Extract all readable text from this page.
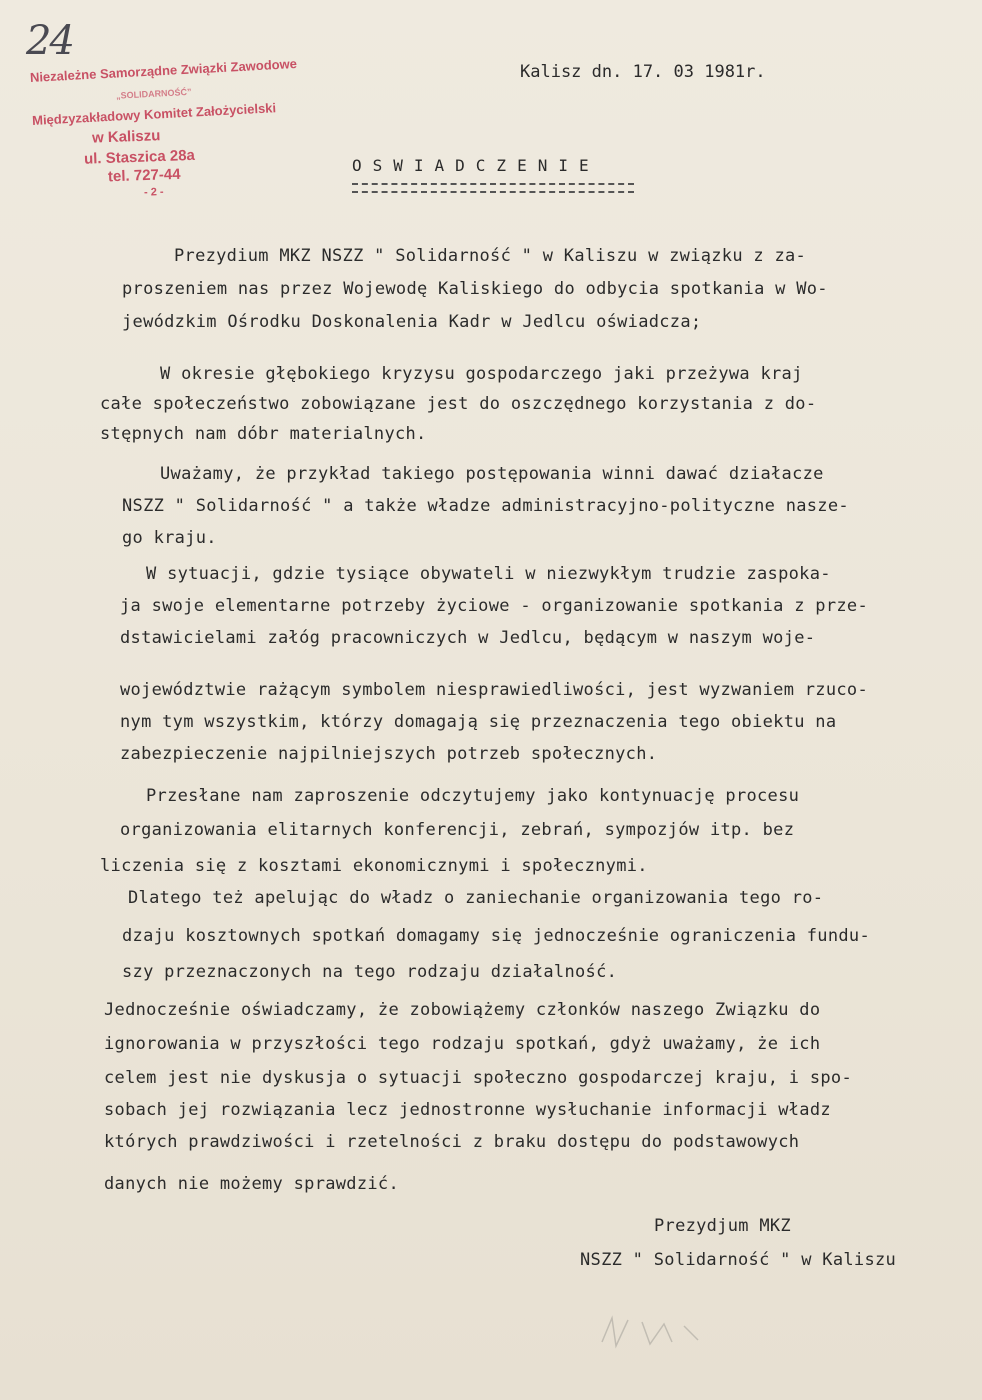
24
Niezależne Samorządne Związki Zawodowe
„SOLIDARNOŚĆ”
Międzyzakładowy Komitet Założycielski
w Kaliszu
ul. Staszica 28a
tel. 727-44
- 2 -
Kalisz dn. 17. 03 1981r.
OSWIADCZENIE
Prezydium MKZ NSZZ " Solidarność " w Kaliszu w związku z za-
proszeniem nas przez Wojewodę Kaliskiego do odbycia spotkania w Wo-
jewódzkim Ośrodku Doskonalenia Kadr w Jedlcu oświadcza;
W okresie głębokiego kryzysu gospodarczego jaki przeżywa kraj
całe społeczeństwo zobowiązane jest do oszczędnego korzystania z do-
stępnych nam dóbr materialnych.
Uważamy, że przykład takiego postępowania winni dawać działacze
NSZZ " Solidarność " a także władze administracyjno-polityczne nasze-
go kraju.
W sytuacji, gdzie tysiące obywateli w niezwykłym trudzie zaspoka-
ja swoje elementarne potrzeby życiowe - organizowanie spotkania z prze-
dstawicielami załóg pracowniczych w Jedlcu, będącym w naszym woje-
województwie rażącym symbolem niesprawiedliwości, jest wyzwaniem rzuco-
nym tym wszystkim, którzy domagają się przeznaczenia tego obiektu na
zabezpieczenie najpilniejszych potrzeb społecznych.
Przesłane nam zaproszenie odczytujemy jako kontynuację procesu
organizowania elitarnych konferencji, zebrań, sympozjów itp. bez
liczenia się z kosztami ekonomicznymi i społecznymi.
Dlatego też apelując do władz o zaniechanie organizowania tego ro-
dzaju kosztownych spotkań domagamy się jednocześnie ograniczenia fundu-
szy przeznaczonych na tego rodzaju działalność.
Jednocześnie oświadczamy, że zobowiążemy członków naszego Związku do
ignorowania w przyszłości tego rodzaju spotkań, gdyż uważamy, że ich
celem jest nie dyskusja o sytuacji społeczno gospodarczej kraju, i spo-
sobach jej rozwiązania lecz jednostronne wysłuchanie informacji władz
których prawdziwości i rzetelności z braku dostępu do podstawowych
danych nie możemy sprawdzić.
Prezydjum MKZ
NSZZ " Solidarność " w Kaliszu
